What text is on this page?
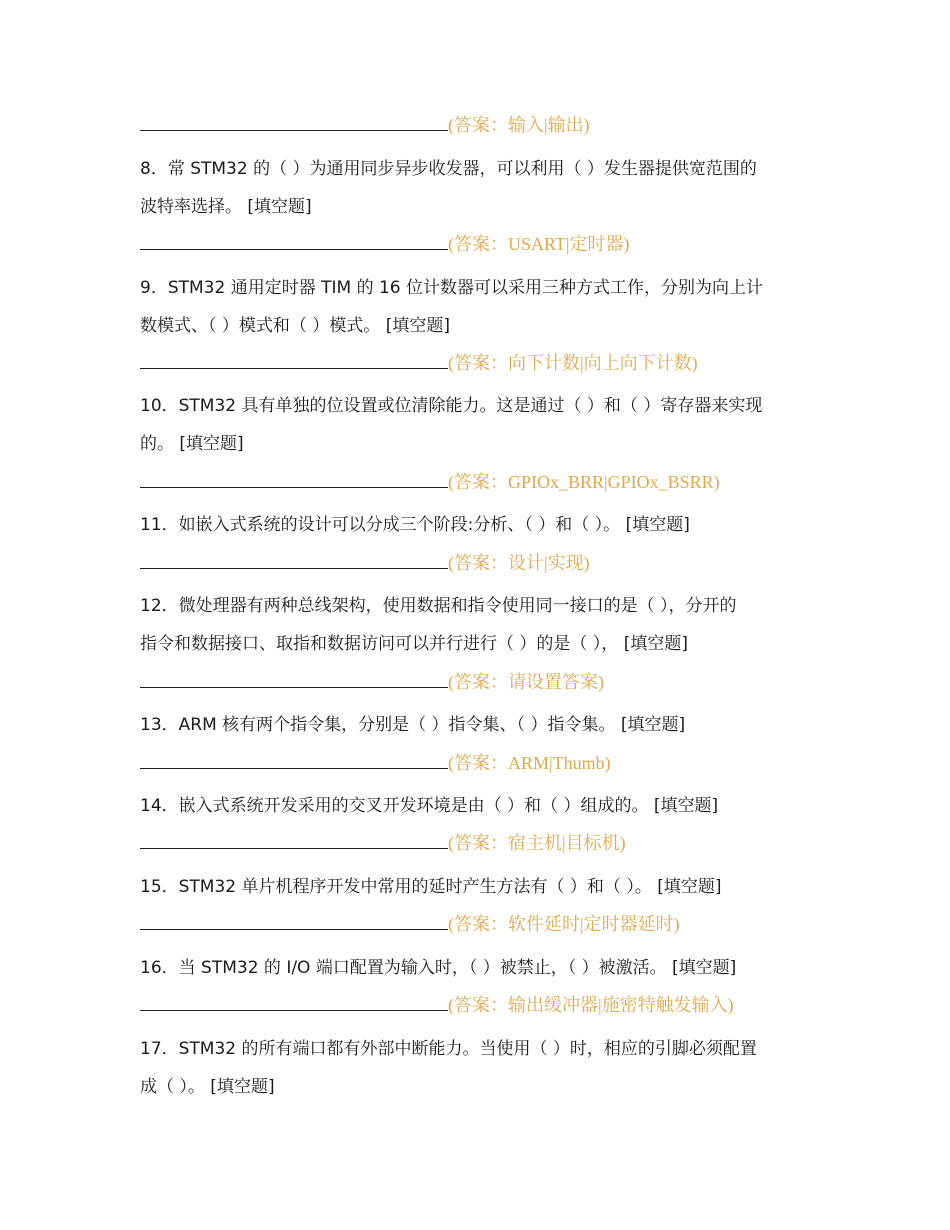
(答案：输入|输出)
8．常 STM32 的（ ）为通用同步异步收发器，可以利用（ ）发生器提供宽范围的
波特率选择。 [填空题]
(答案：USART|定时器)
9．STM32 通用定时器 TIM 的 16 位计数器可以采用三种方式工作，分别为向上计
数模式、（ ）模式和（ ）模式。 [填空题]
(答案：向下计数|向上向下计数)
10．STM32 具有单独的位设置或位清除能力。这是通过（ ）和（ ）寄存器来实现
的。 [填空题]
(答案：GPIOx_BRR|GPIOx_BSRR)
11．如嵌入式系统的设计可以分成三个阶段:分析、（ ）和（ ）。 [填空题]
(答案：设计|实现)
12．微处理器有两种总线架构，使用数据和指令使用同一接口的是（ ），分开的
指令和数据接口、取指和数据访问可以并行进行（ ）的是（ ）， [填空题]
(答案：请设置答案)
13．ARM 核有两个指令集，分别是（ ）指令集、（ ）指令集。 [填空题]
(答案：ARM|Thumb)
14．嵌入式系统开发采用的交叉开发环境是由（ ）和（ ）组成的。 [填空题]
(答案：宿主机|目标机)
15．STM32 单片机程序开发中常用的延时产生方法有（ ）和（ ）。 [填空题]
(答案：软件延时|定时器延时)
16．当 STM32 的 I/O 端口配置为输入时，（ ）被禁止，（ ）被激活。 [填空题]
(答案：输出缓冲器|施密特触发输入)
17．STM32 的所有端口都有外部中断能力。当使用（ ）时，相应的引脚必须配置
成（ ）。 [填空题]
